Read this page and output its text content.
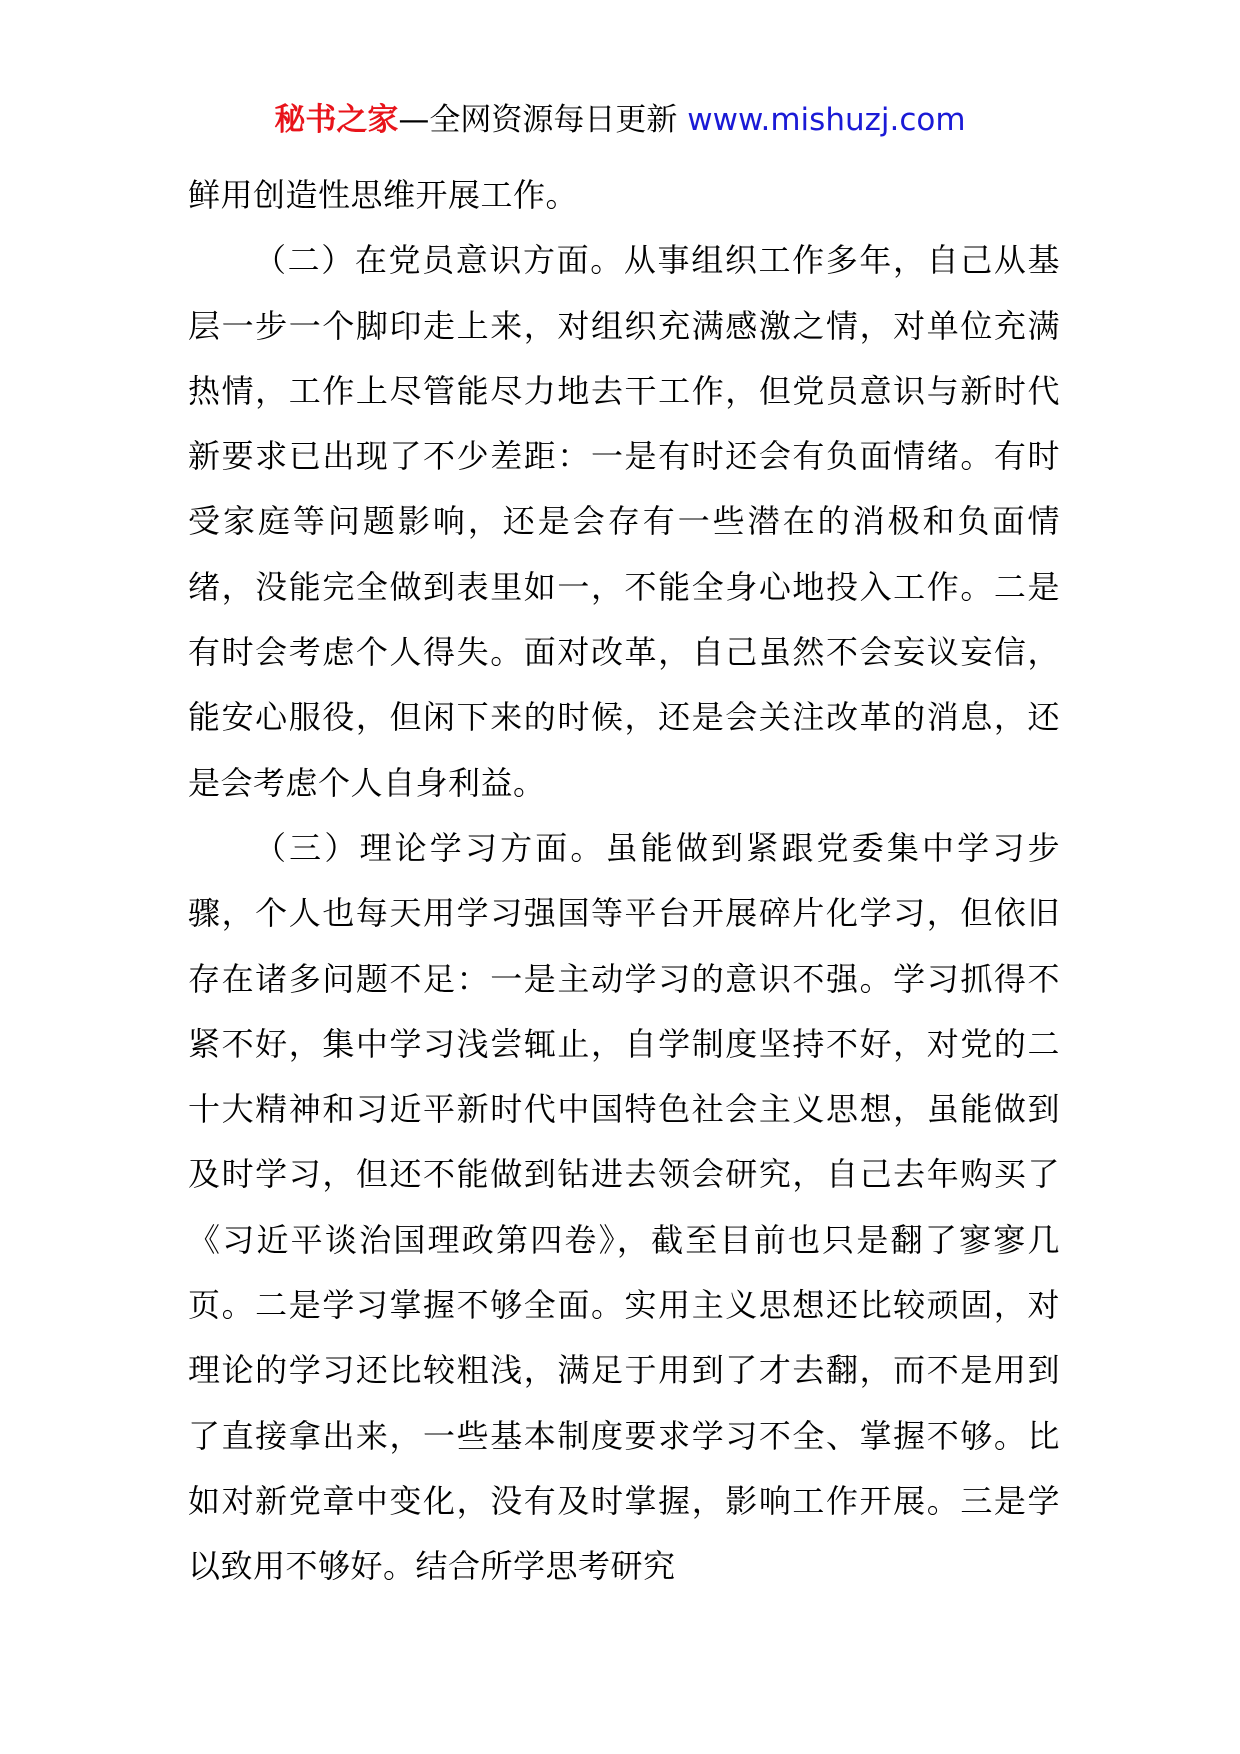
秘书之家—全网资源每日更新 www.mishuzj.com

鲜用创造性思维开展工作。

（二）在党员意识方面。从事组织工作多年，自己从基层一步一个脚印走上来，对组织充满感激之情，对单位充满热情，工作上尽管能尽力地去干工作，但党员意识与新时代新要求已出现了不少差距：一是有时还会有负面情绪。有时受家庭等问题影响，还是会存有一些潜在的消极和负面情绪，没能完全做到表里如一，不能全身心地投入工作。二是有时会考虑个人得失。面对改革，自己虽然不会妄议妄信，能安心服役，但闲下来的时候，还是会关注改革的消息，还是会考虑个人自身利益。

（三）理论学习方面。虽能做到紧跟党委集中学习步骤，个人也每天用学习强国等平台开展碎片化学习，但依旧存在诸多问题不足：一是主动学习的意识不强。学习抓得不紧不好，集中学习浅尝辄止，自学制度坚持不好，对党的二十大精神和习近平新时代中国特色社会主义思想，虽能做到及时学习，但还不能做到钻进去领会研究，自己去年购买了《习近平谈治国理政第四卷》，截至目前也只是翻了寥寥几页。二是学习掌握不够全面。实用主义思想还比较顽固，对理论的学习还比较粗浅，满足于用到了才去翻，而不是用到了直接拿出来，一些基本制度要求学习不全、掌握不够。比如对新党章中变化，没有及时掌握，影响工作开展。三是学以致用不够好。结合所学思考研究
